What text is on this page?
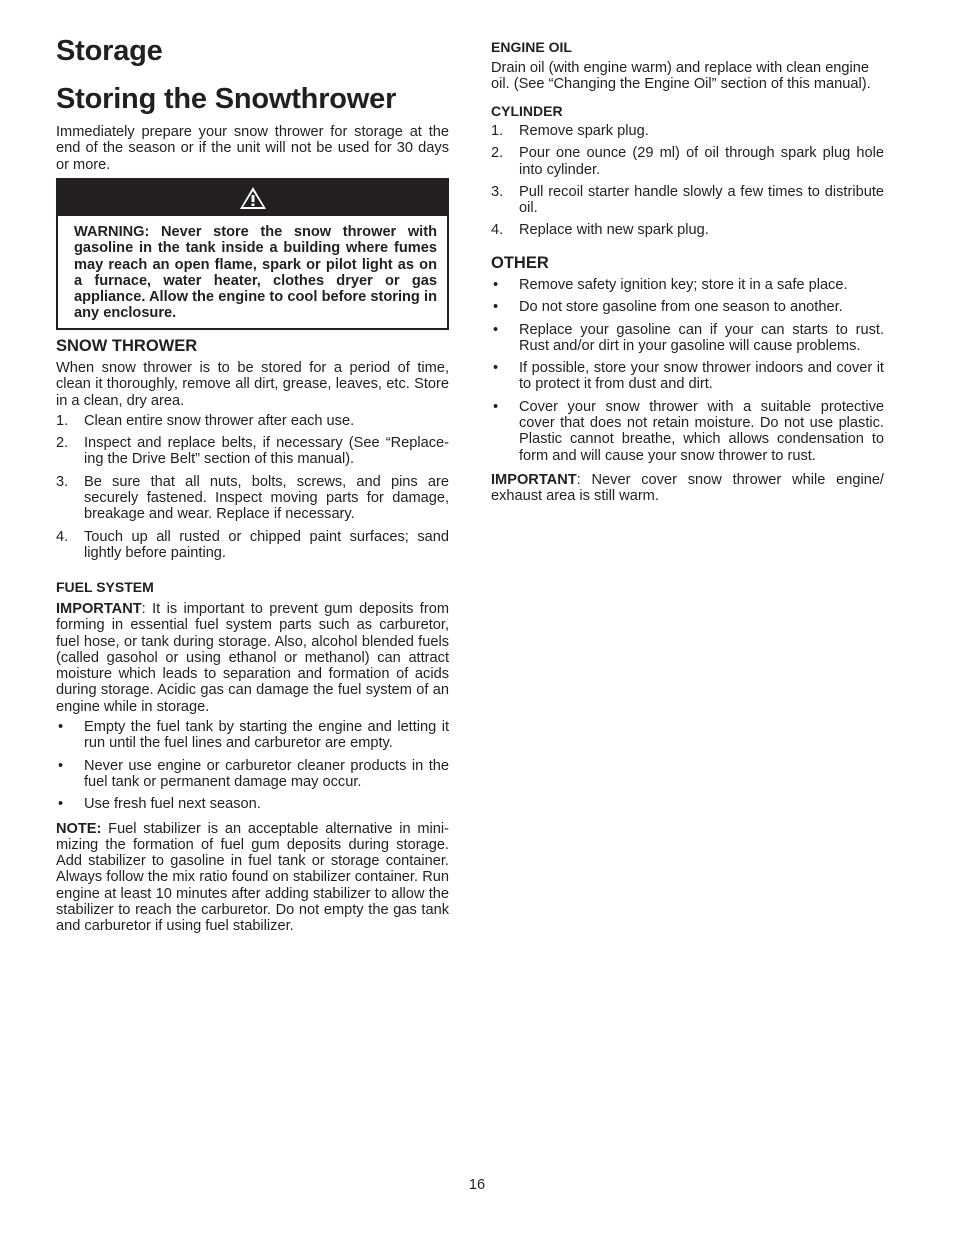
Storage
Storing the Snowthrower

Immediately prepare your snow thrower for storage at the end of the season or if the unit will not be used for 30 days or more.

WARNING: Never store the snow thrower with gasoline in the tank inside a building where fumes may reach an open flame, spark or pilot light as on a furnace, water heater, clothes dryer or gas appliance. Allow the engine to cool before storing in any enclosure.

SNOW THROWER

When snow thrower is to be stored for a period of time, clean it thoroughly, remove all dirt, grease, leaves, etc. Store in a clean, dry area.

1. Clean entire snow thrower after each use.
2. Inspect and replace belts, if necessary (See “Replace-ing the Drive Belt” section of this manual).
3. Be sure that all nuts, bolts, screws, and pins are securely fastened. Inspect moving parts for damage, breakage and wear. Replace if necessary.
4. Touch up all rusted or chipped paint surfaces; sand lightly before painting.
FUEL SYSTEM

IMPORTANT: It is important to prevent gum deposits from forming in essential fuel system parts such as carburetor, fuel hose, or tank during storage. Also, alcohol blended fuels (called gasohol or using ethanol or methanol) can attract moisture which leads to separation and formation of acids during storage. Acidic gas can damage the fuel system of an engine while in storage.

• Empty the fuel tank by starting the engine and letting it run until the fuel lines and carburetor are empty.
• Never use engine or carburetor cleaner products in the fuel tank or permanent damage may occur.
• Use fresh fuel next season.

NOTE: Fuel stabilizer is an acceptable alternative in mini-mizing the formation of fuel gum deposits during storage. Add stabilizer to gasoline in fuel tank or storage container. Always follow the mix ratio found on stabilizer container. Run engine at least 10 minutes after adding stabilizer to allow the stabilizer to reach the carburetor. Do not empty the gas tank and carburetor if using fuel stabilizer.

ENGINE OIL

Drain oil (with engine warm) and replace with clean engine oil. (See “Changing the Engine Oil” section of this manual).

CYLINDER
1. Remove spark plug.
2. Pour one ounce (29 ml) of oil through spark plug hole into cylinder.
3. Pull recoil starter handle slowly a few times to distribute oil.
4. Replace with new spark plug.
OTHER
• Remove safety ignition key; store it in a safe place.
• Do not store gasoline from one season to another.
• Replace your gasoline can if your can starts to rust. Rust and/or dirt in your gasoline will cause problems.
• If possible, store your snow thrower indoors and cover it to protect it from dust and dirt.
• Cover your snow thrower with a suitable protective cover that does not retain moisture. Do not use plastic. Plastic cannot breathe, which allows condensation to form and will cause your snow thrower to rust.

IMPORTANT: Never cover snow thrower while engine/ exhaust area is still warm.

16
